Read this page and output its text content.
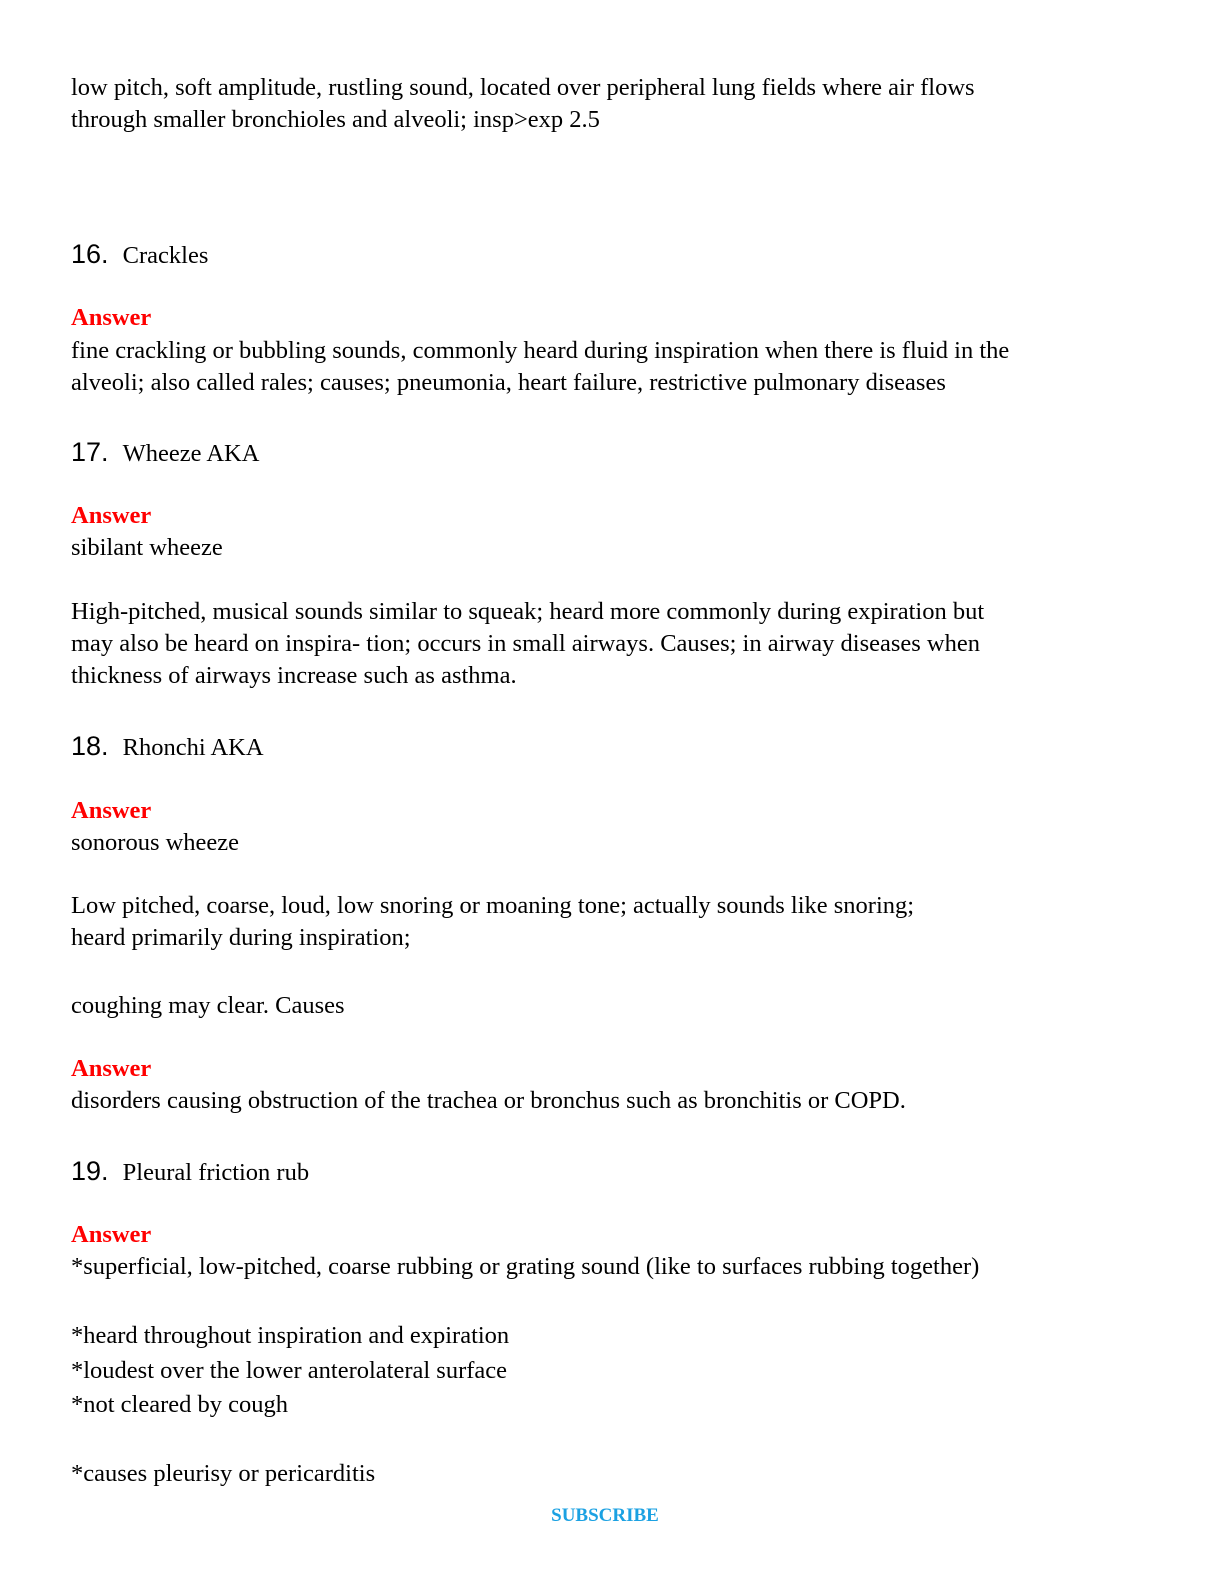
low pitch, soft amplitude, rustling sound, located over peripheral lung fields where air flows
through smaller bronchioles and alveoli; insp>exp 2.5
16. Crackles
Answer
fine crackling or bubbling sounds, commonly heard during inspiration when there is fluid in the
alveoli; also called rales; causes; pneumonia, heart failure, restrictive pulmonary diseases
17. Wheeze AKA
Answer
sibilant wheeze
High-pitched, musical sounds similar to squeak; heard more commonly during expiration but
may also be heard on inspira- tion; occurs in small airways. Causes; in airway diseases when
thickness of airways increase such as asthma.
18. Rhonchi AKA
Answer
sonorous wheeze
Low pitched, coarse, loud, low snoring or moaning tone; actually sounds like snoring;
heard primarily during inspiration;
coughing may clear. Causes
Answer
disorders causing obstruction of the trachea or bronchus such as bronchitis or COPD.
19. Pleural friction rub
Answer
*superficial, low-pitched, coarse rubbing or grating sound (like to surfaces rubbing together)
*heard throughout inspiration and expiration
*loudest over the lower anterolateral surface
*not cleared by cough
*causes pleurisy or pericarditis
SUBSCRIBE
